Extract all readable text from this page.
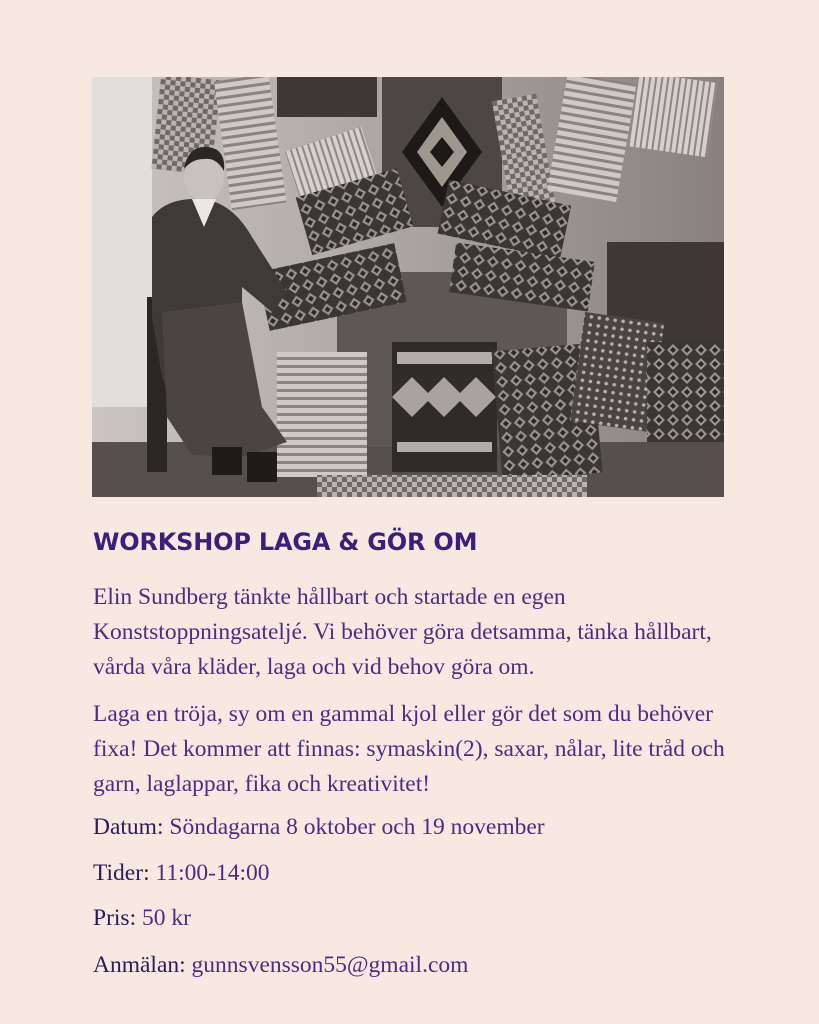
WORKSHOP LAGA & GÖR OM

Elin Sundberg tänkte hållbart och startade en egen Konststoppningsateljé. Vi behöver göra detsamma, tänka hållbart, vårda våra kläder, laga och vid behov göra om.

Laga en tröja, sy om en gammal kjol eller gör det som du behöver fixa! Det kommer att finnas: symaskin(2), saxar, nålar, lite tråd och garn, laglappar, fika och kreativitet!

Datum: Söndagarna 8 oktober och 19 november

Tider: 11:00-14:00

Pris: 50 kr

Anmälan: gunnsvensson55@gmail.com
